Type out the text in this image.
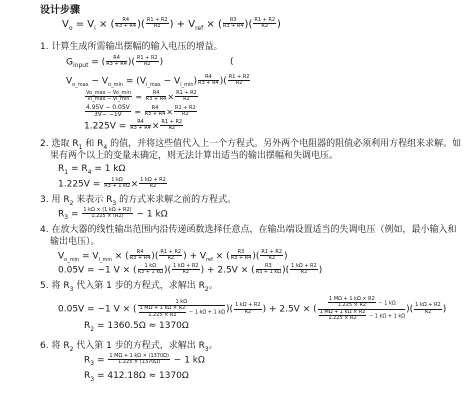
设计步骤
$V_o = V_i$ × ( $\frac{R4}{R3 + R4}$ )( $\frac{R1 + R2}{R2}$ ) + $V_{ref}$ × ( $\frac{R3}{R3 + R4}$ )( $\frac{R1 + R2}{R2}$ )
1. 计算生成所需输出摆幅的输入电压的增益。
$G_{input}$ = ( $\frac{R4}{R3 + R4}$ )( $\frac{R1 + R2}{R2}$ )	(
$V_{o\_max} - V_{o\_min} = (V_{i\_max} - V_{i\_min}) \frac{R4}{R3 + R4}$ )( $\frac{R1 + R2}{R2}$
$\frac{Vo\_\max - Vo\_\min}{Vi\_\max - Vi\_\min} = \frac{R4}{R3 + R4} \times \frac{R1 + R2}{R2}$
$\frac{4.95V - 0.05V}{3V- -1V} = \frac{R4}{R3 + R4} \times \frac{R1 + R2}{R2}$
$1.225V = \frac{R4}{R3 + R4} \times \frac{R1 + R2}{R2}$
2. 选取 $R_1$ 和 $R_4$ 的值，并将这些值代入上一个方程式。另外两个电阻器的阻值必须利用方程组来求解。如
果有两个以上的变量未确定，则无法计算出适当的输出摆幅和失调电压。
$R_1 = R_4 = 1$ kΩ
$1.225V = \frac{1 k\Omega}{R3 + 1 k\Omega} \times \frac{1 k\Omega + R2}{R2}$
3. 用 $R_2$ 来表示 $R_3$ 的方式来求解之前的方程式。
$R_3 = \frac{1 k\Omega \times (1 k\Omega + R2)}{1.225 \times (R2)} - 1$ kΩ
4. 在放大器的线性输出范围内沿传递函数选择任意点，在输出端设置适当的失调电压（例如，最小输入和
输出电压）。
$V_{o\_min} = V_{i\_min}$ × ( $\frac{R4}{R3 + R4}$ )( $\frac{R1 + R2}{R2}$ ) + $V_{ref}$ × ( $\frac{R3}{R3 + R4}$ )( $\frac{R1 + R2}{R2}$ )
0.05V = −1 V × ( $\frac{1 k\Omega}{R3 + 1 k\Omega}$ )( $\frac{1 k\Omega + R2}{R2}$ ) + 2.5V × ( $\frac{R3}{R3 + 1 k\Omega}$ )( $\frac{1 k\Omega + R2}{R2}$ )
5. 将 $R_3$ 代入第 1 步的方程式，求解出 $R_2$。
0.05V = −1 V × ( $\frac{1 k\Omega}{\frac{1 M\Omega + 1 k\Omega \times R2}{1.225 \times R2} - 1 k\Omega + 1 k\Omega}$ )( $\frac{1 k\Omega + R2}{R2}$ ) + 2.5V × ( $\frac{\frac{1 M\Omega + 1 k\Omega \times R2}{1.225 \times R2} - 1 k\Omega}{\frac{1 M\Omega + 1 k\Omega \times R2}{1.225 \times R2} - 1 k\Omega + 1 k\Omega}$ )( $\frac{1 k\Omega + R2}{R2}$ )
$R_2 = 1360.5\Omega \approx 1370\Omega$
6. 将 $R_2$ 代入第 1 步的方程式，求解出 $R_3$。
$R_3 = \frac{1 M\Omega + 1 k\Omega \times (1370\Omega)}{1.225 \times (1370\Omega)} - 1$ kΩ
$R_3 = 412.18\Omega \approx 1370\Omega$
